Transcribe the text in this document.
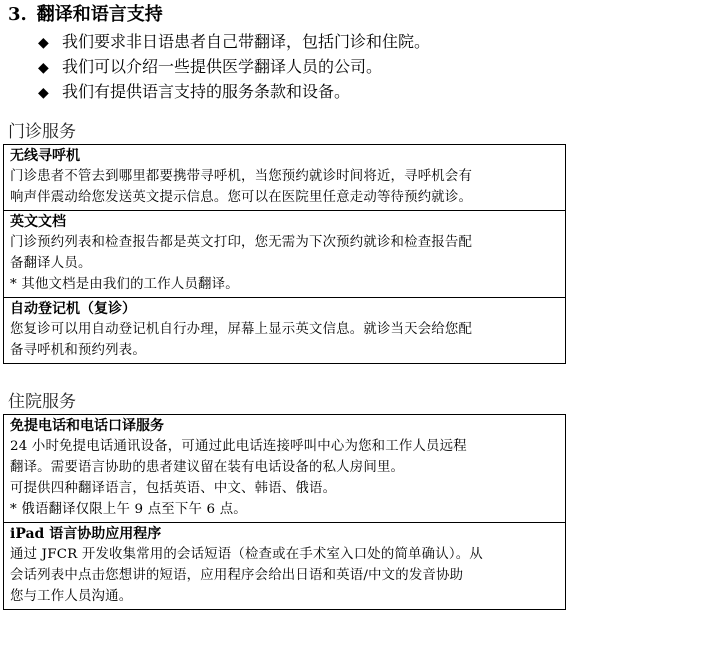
3. 翻译和语言支持
◆ 我们要求非日语患者自己带翻译，包括门诊和住院。
◆ 我们可以介绍一些提供医学翻译人员的公司。
◆ 我们有提供语言支持的服务条款和设备。
门诊服务
无线寻呼机
门诊患者不管去到哪里都要携带寻呼机，当您预约就诊时间将近，寻呼机会有
响声伴震动给您发送英文提示信息。您可以在医院里任意走动等待预约就诊。
英文文档
门诊预约列表和检查报告都是英文打印，您无需为下次预约就诊和检查报告配
备翻译人员。
* 其他文档是由我们的工作人员翻译。
自动登记机（复诊）
您复诊可以用自动登记机自行办理，屏幕上显示英文信息。就诊当天会给您配
备寻呼机和预约列表。
住院服务
免提电话和电话口译服务
24 小时免提电话通讯设备，可通过此电话连接呼叫中心为您和工作人员远程
翻译。需要语言协助的患者建议留在装有电话设备的私人房间里。
可提供四种翻译语言，包括英语、中文、韩语、俄语。
* 俄语翻译仅限上午 9 点至下午 6 点。
iPad 语言协助应用程序
通过 JFCR 开发收集常用的会话短语（检查或在手术室入口处的简单确认）。从
会话列表中点击您想讲的短语，应用程序会给出日语和英语/中文的发音协助
您与工作人员沟通。
